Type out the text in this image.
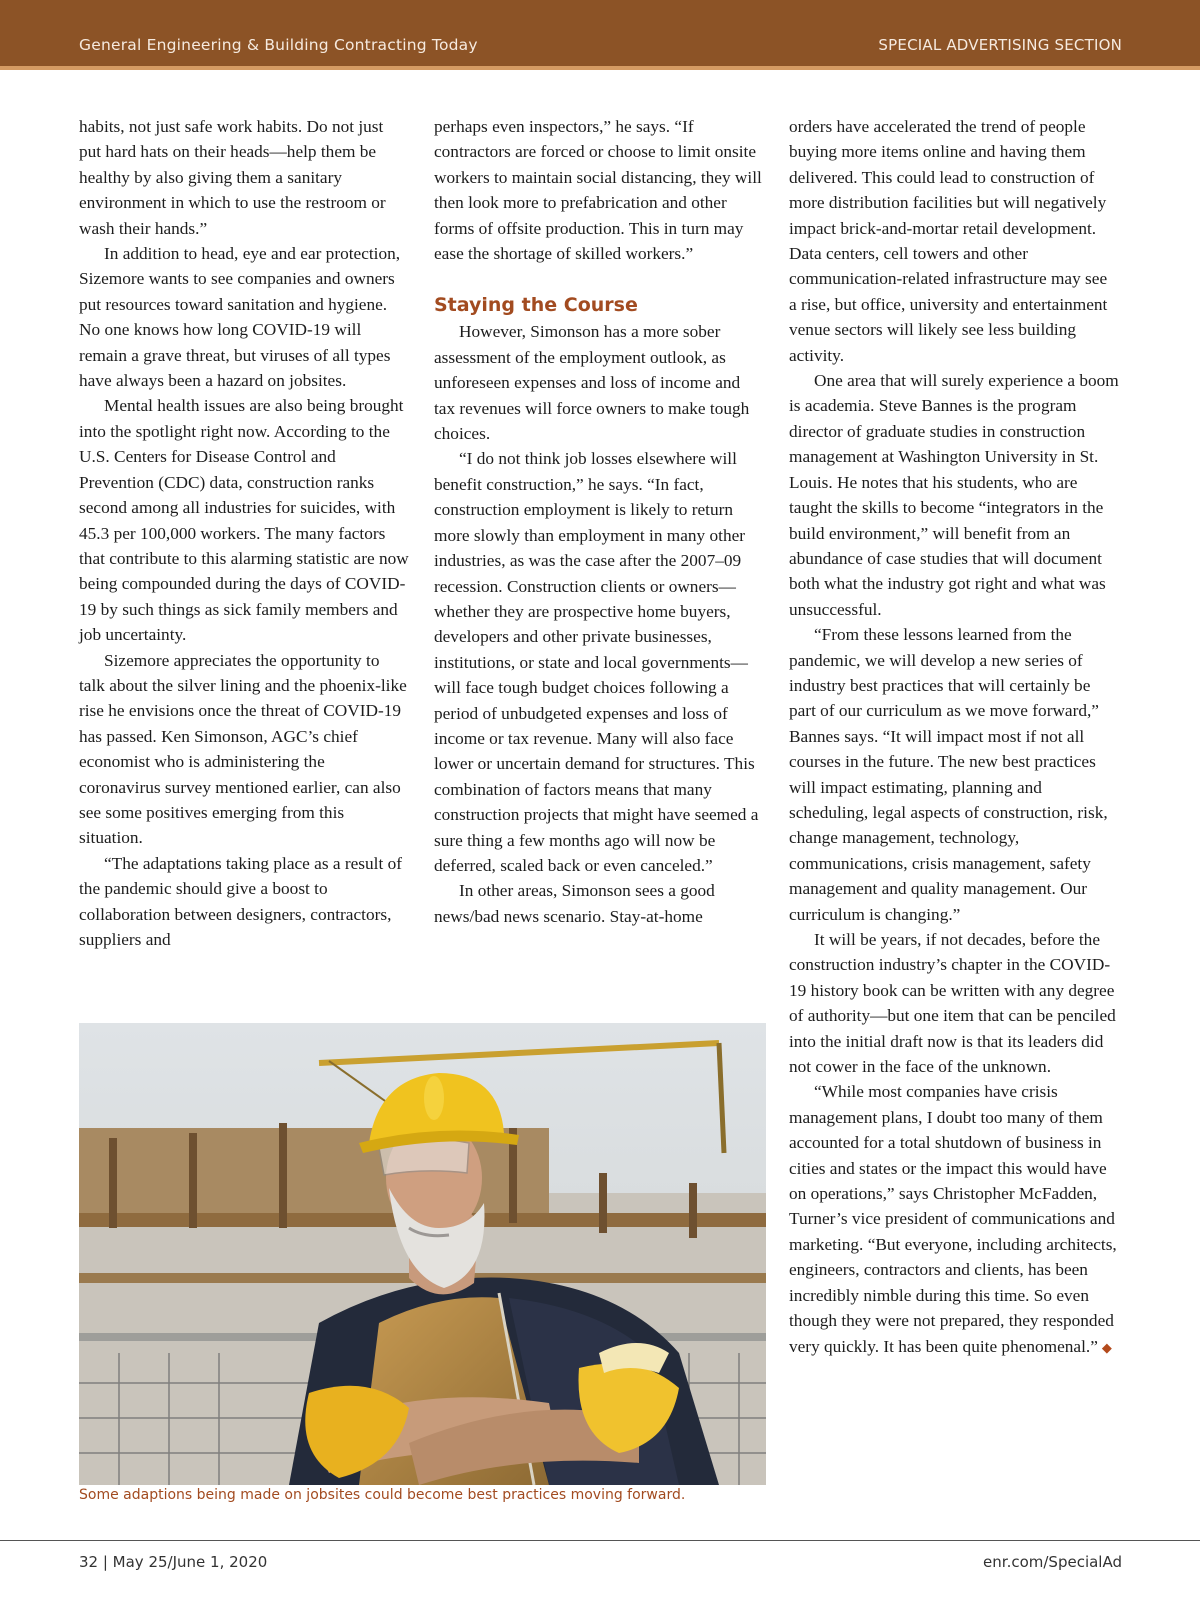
General Engineering & Building Contracting Today	SPECIAL ADVERTISING SECTION

habits, not just safe work habits. Do not just put hard hats on their heads—help them be healthy by also giving them a sanitary environment in which to use the restroom or wash their hands.”

In addition to head, eye and ear protection, Sizemore wants to see companies and owners put resources toward sanitation and hygiene. No one knows how long COVID-19 will remain a grave threat, but viruses of all types have always been a hazard on jobsites.

Mental health issues are also being brought into the spotlight right now. According to the U.S. Centers for Disease Control and Prevention (CDC) data, construction ranks second among all industries for suicides, with 45.3 per 100,000 workers. The many factors that contribute to this alarming statistic are now being compounded during the days of COVID-19 by such things as sick family members and job uncertainty.

Sizemore appreciates the opportunity to talk about the silver lining and the phoenix-like rise he envisions once the threat of COVID-19 has passed. Ken Simonson, AGC’s chief economist who is administering the coronavirus survey mentioned earlier, can also see some positives emerging from this situation.

“The adaptations taking place as a result of the pandemic should give a boost to collaboration between designers, contractors, suppliers and

perhaps even inspectors,” he says. “If contractors are forced or choose to limit onsite workers to maintain social distancing, they will then look more to prefabrication and other forms of offsite production. This in turn may ease the shortage of skilled workers.”

Staying the Course

However, Simonson has a more sober assessment of the employment outlook, as unforeseen expenses and loss of income and tax revenues will force owners to make tough choices.

“I do not think job losses elsewhere will benefit construction,” he says. “In fact, construction employment is likely to return more slowly than employment in many other industries, as was the case after the 2007–09 recession. Construction clients or owners—whether they are prospective home buyers, developers and other private businesses, institutions, or state and local governments—will face tough budget choices following a period of unbudgeted expenses and loss of income or tax revenue. Many will also face lower or uncertain demand for structures. This combination of factors means that many construction projects that might have seemed a sure thing a few months ago will now be deferred, scaled back or even canceled.”

In other areas, Simonson sees a good news/bad news scenario. Stay-at-home

orders have accelerated the trend of people buying more items online and having them delivered. This could lead to construction of more distribution facilities but will negatively impact brick-and-mortar retail development. Data centers, cell towers and other communication-related infrastructure may see a rise, but office, university and entertainment venue sectors will likely see less building activity.

One area that will surely experience a boom is academia. Steve Bannes is the program director of graduate studies in construction management at Washington University in St. Louis. He notes that his students, who are taught the skills to become “integrators in the build environment,” will benefit from an abundance of case studies that will document both what the industry got right and what was unsuccessful.

“From these lessons learned from the pandemic, we will develop a new series of industry best practices that will certainly be part of our curriculum as we move forward,” Bannes says. “It will impact most if not all courses in the future. The new best practices will impact estimating, planning and scheduling, legal aspects of construction, risk, change management, technology, communications, crisis management, safety management and quality management. Our curriculum is changing.”

It will be years, if not decades, before the construction industry’s chapter in the COVID-19 history book can be written with any degree of authority—but one item that can be penciled into the initial draft now is that its leaders did not cower in the face of the unknown.

“While most companies have crisis management plans, I doubt too many of them accounted for a total shutdown of business in cities and states or the impact this would have on operations,” says Christopher McFadden, Turner’s vice president of communications and marketing. “But everyone, including architects, engineers, contractors and clients, has been incredibly nimble during this time. So even though they were not prepared, they responded very quickly. It has been quite phenomenal.” ◆

Some adaptions being made on jobsites could become best practices moving forward.
32 | May 25/June 1, 2020	enr.com/SpecialAd
